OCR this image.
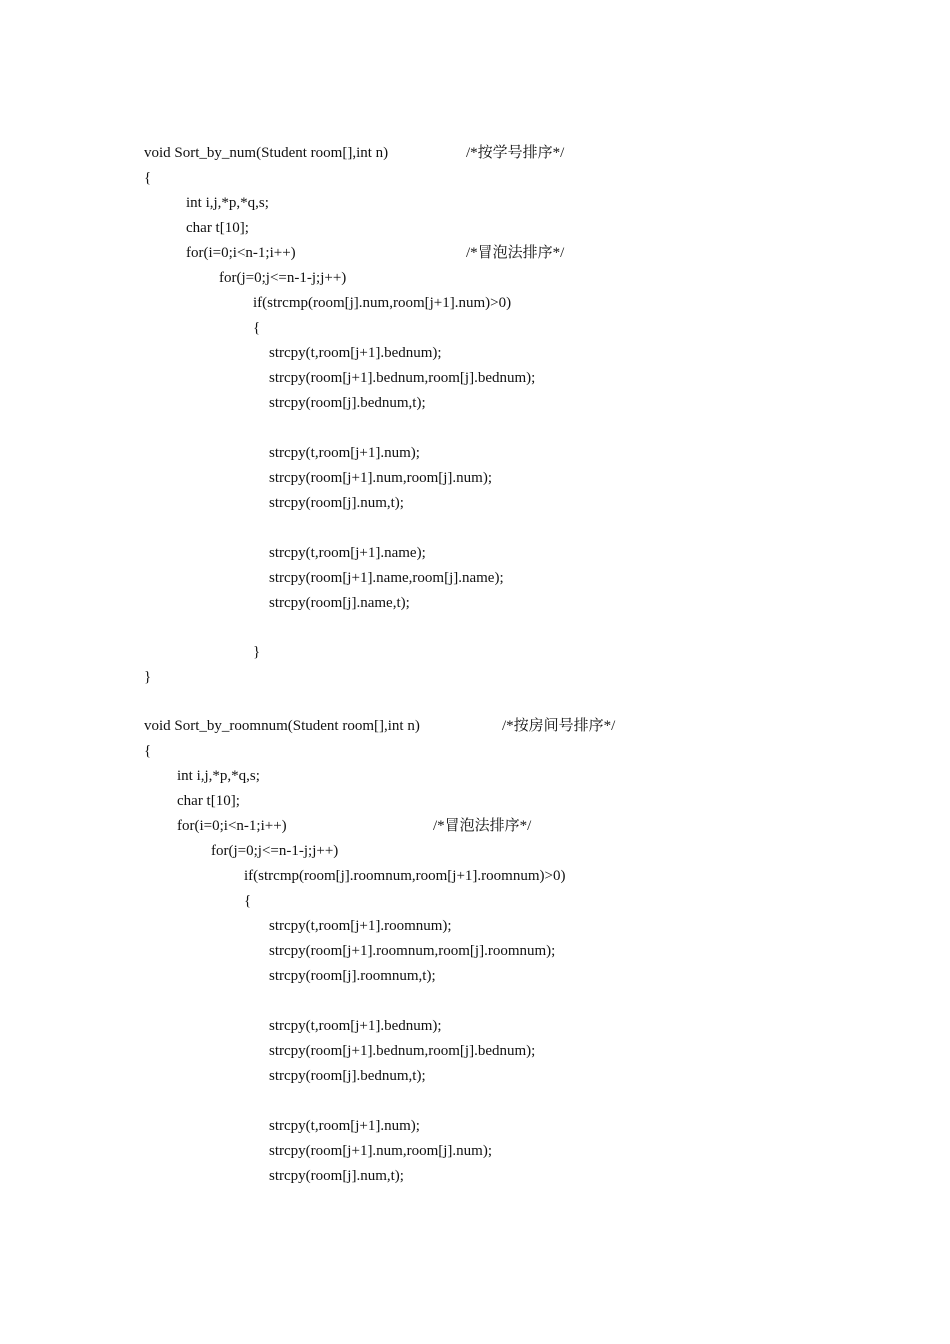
void Sort_by_num(Student room[],int n)	/*按学号排序*/
{
int i,j,*p,*q,s;
char t[10];
for(i=0;i<n-1;i++)	/*冒泡法排序*/
for(j=0;j<=n-1-j;j++)
if(strcmp(room[j].num,room[j+1].num)>0)
{
strcpy(t,room[j+1].bednum);
strcpy(room[j+1].bednum,room[j].bednum);
strcpy(room[j].bednum,t);
strcpy(t,room[j+1].num);
strcpy(room[j+1].num,room[j].num);
strcpy(room[j].num,t);
strcpy(t,room[j+1].name);
strcpy(room[j+1].name,room[j].name);
strcpy(room[j].name,t);
}
}
void Sort_by_roomnum(Student room[],int n)	/*按房间号排序*/
{
int i,j,*p,*q,s;
char t[10];
for(i=0;i<n-1;i++)	/*冒泡法排序*/
for(j=0;j<=n-1-j;j++)
if(strcmp(room[j].roomnum,room[j+1].roomnum)>0)
{
strcpy(t,room[j+1].roomnum);
strcpy(room[j+1].roomnum,room[j].roomnum);
strcpy(room[j].roomnum,t);
strcpy(t,room[j+1].bednum);
strcpy(room[j+1].bednum,room[j].bednum);
strcpy(room[j].bednum,t);
strcpy(t,room[j+1].num);
strcpy(room[j+1].num,room[j].num);
strcpy(room[j].num,t);
